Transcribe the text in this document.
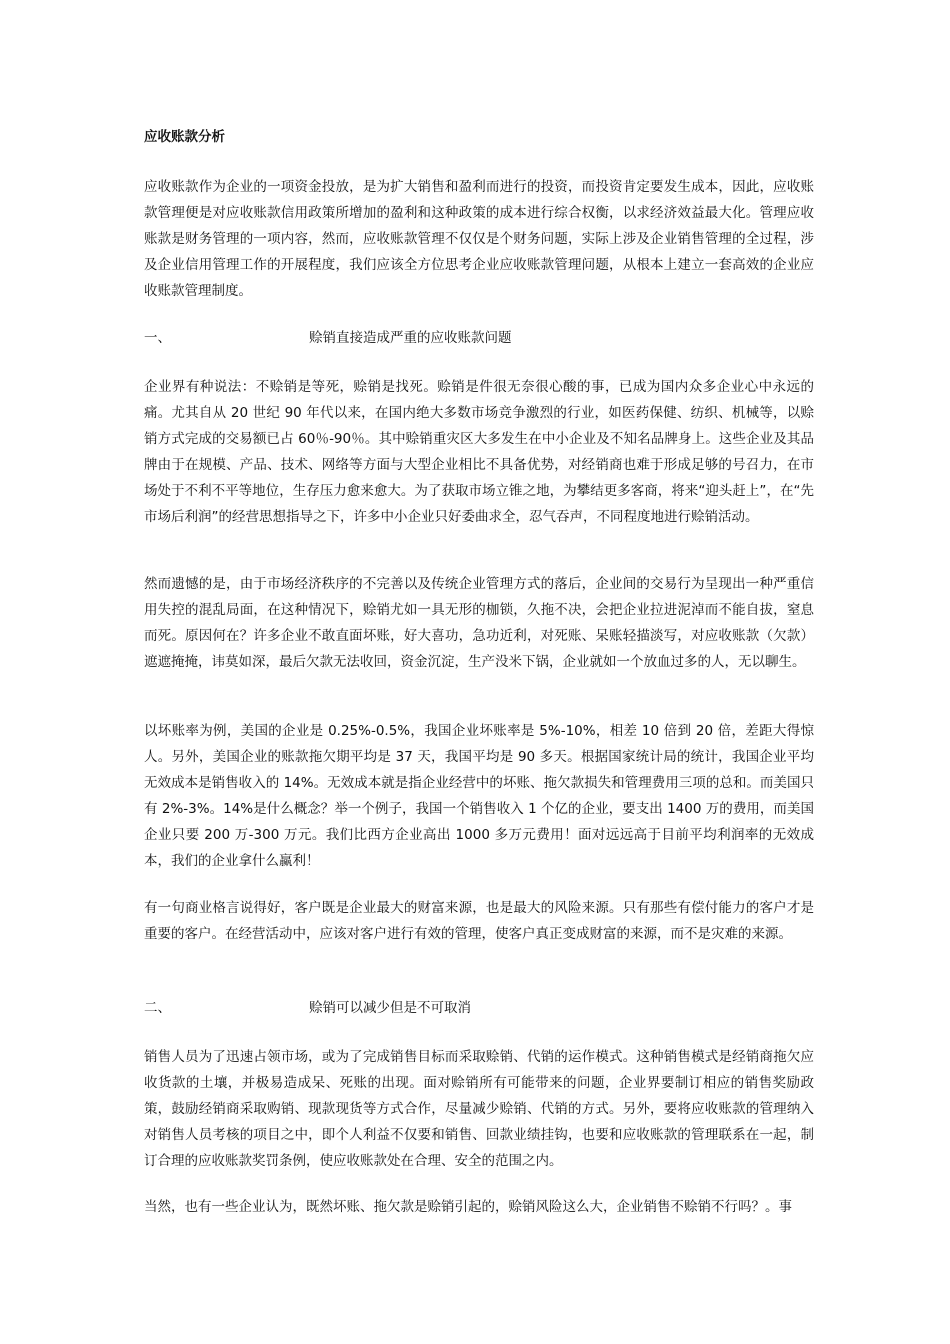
应收账款分析

应收账款作为企业的一项资金投放，是为扩大销售和盈利而进行的投资，而投资肯定要发生成本，因此，应收账款管理便是对应收账款信用政策所增加的盈利和这种政策的成本进行综合权衡，以求经济效益最大化。管理应收账款是财务管理的一项内容，然而，应收账款管理不仅仅是个财务问题，实际上涉及企业销售管理的全过程，涉及企业信用管理工作的开展程度，我们应该全方位思考企业应收账款管理问题，从根本上建立一套高效的企业应收账款管理制度。

一、	赊销直接造成严重的应收账款问题

企业界有种说法：不赊销是等死，赊销是找死。赊销是件很无奈很心酸的事，已成为国内众多企业心中永远的痛。尤其自从 20 世纪 90 年代以来，在国内绝大多数市场竞争激烈的行业，如医药保健、纺织、机械等，以赊销方式完成的交易额已占 60％-90％。其中赊销重灾区大多发生在中小企业及不知名品牌身上。这些企业及其品牌由于在规模、产品、技术、网络等方面与大型企业相比不具备优势，对经销商也难于形成足够的号召力，在市场处于不利不平等地位，生存压力愈来愈大。为了获取市场立锥之地，为攀结更多客商，将来“迎头赶上”，在“先市场后利润”的经营思想指导之下，许多中小企业只好委曲求全，忍气吞声，不同程度地进行赊销活动。

然而遗憾的是，由于市场经济秩序的不完善以及传统企业管理方式的落后，企业间的交易行为呈现出一种严重信用失控的混乱局面，在这种情况下，赊销尤如一具无形的枷锁，久拖不决，会把企业拉进泥淖而不能自拔，窒息而死。原因何在？许多企业不敢直面坏账，好大喜功，急功近利，对死账、呆账轻描淡写，对应收账款（欠款）遮遮掩掩，讳莫如深，最后欠款无法收回，资金沉淀，生产没米下锅，企业就如一个放血过多的人，无以聊生。

以坏账率为例，美国的企业是 0.25%-0.5%，我国企业坏账率是 5%-10%，相差 10 倍到 20 倍，差距大得惊人。另外，美国企业的账款拖欠期平均是 37 天，我国平均是 90 多天。根据国家统计局的统计，我国企业平均无效成本是销售收入的 14%。无效成本就是指企业经营中的坏账、拖欠款损失和管理费用三项的总和。而美国只有 2%-3%。14%是什么概念？举一个例子，我国一个销售收入 1 个亿的企业，要支出 1400 万的费用，而美国企业只要 200 万-300 万元。我们比西方企业高出 1000 多万元费用！面对远远高于目前平均利润率的无效成本，我们的企业拿什么赢利！

有一句商业格言说得好，客户既是企业最大的财富来源，也是最大的风险来源。只有那些有偿付能力的客户才是重要的客户。在经营活动中，应该对客户进行有效的管理，使客户真正变成财富的来源，而不是灾难的来源。

二、	赊销可以减少但是不可取消

销售人员为了迅速占领市场，或为了完成销售目标而采取赊销、代销的运作模式。这种销售模式是经销商拖欠应收货款的土壤，并极易造成呆、死账的出现。面对赊销所有可能带来的问题，企业界要制订相应的销售奖励政策，鼓励经销商采取购销、现款现货等方式合作，尽量减少赊销、代销的方式。另外，要将应收账款的管理纳入对销售人员考核的项目之中，即个人利益不仅要和销售、回款业绩挂钩，也要和应收账款的管理联系在一起，制订合理的应收账款奖罚条例，使应收账款处在合理、安全的范围之内。

当然，也有一些企业认为，既然坏账、拖欠款是赊销引起的，赊销风险这么大，企业销售不赊销不行吗？。事
